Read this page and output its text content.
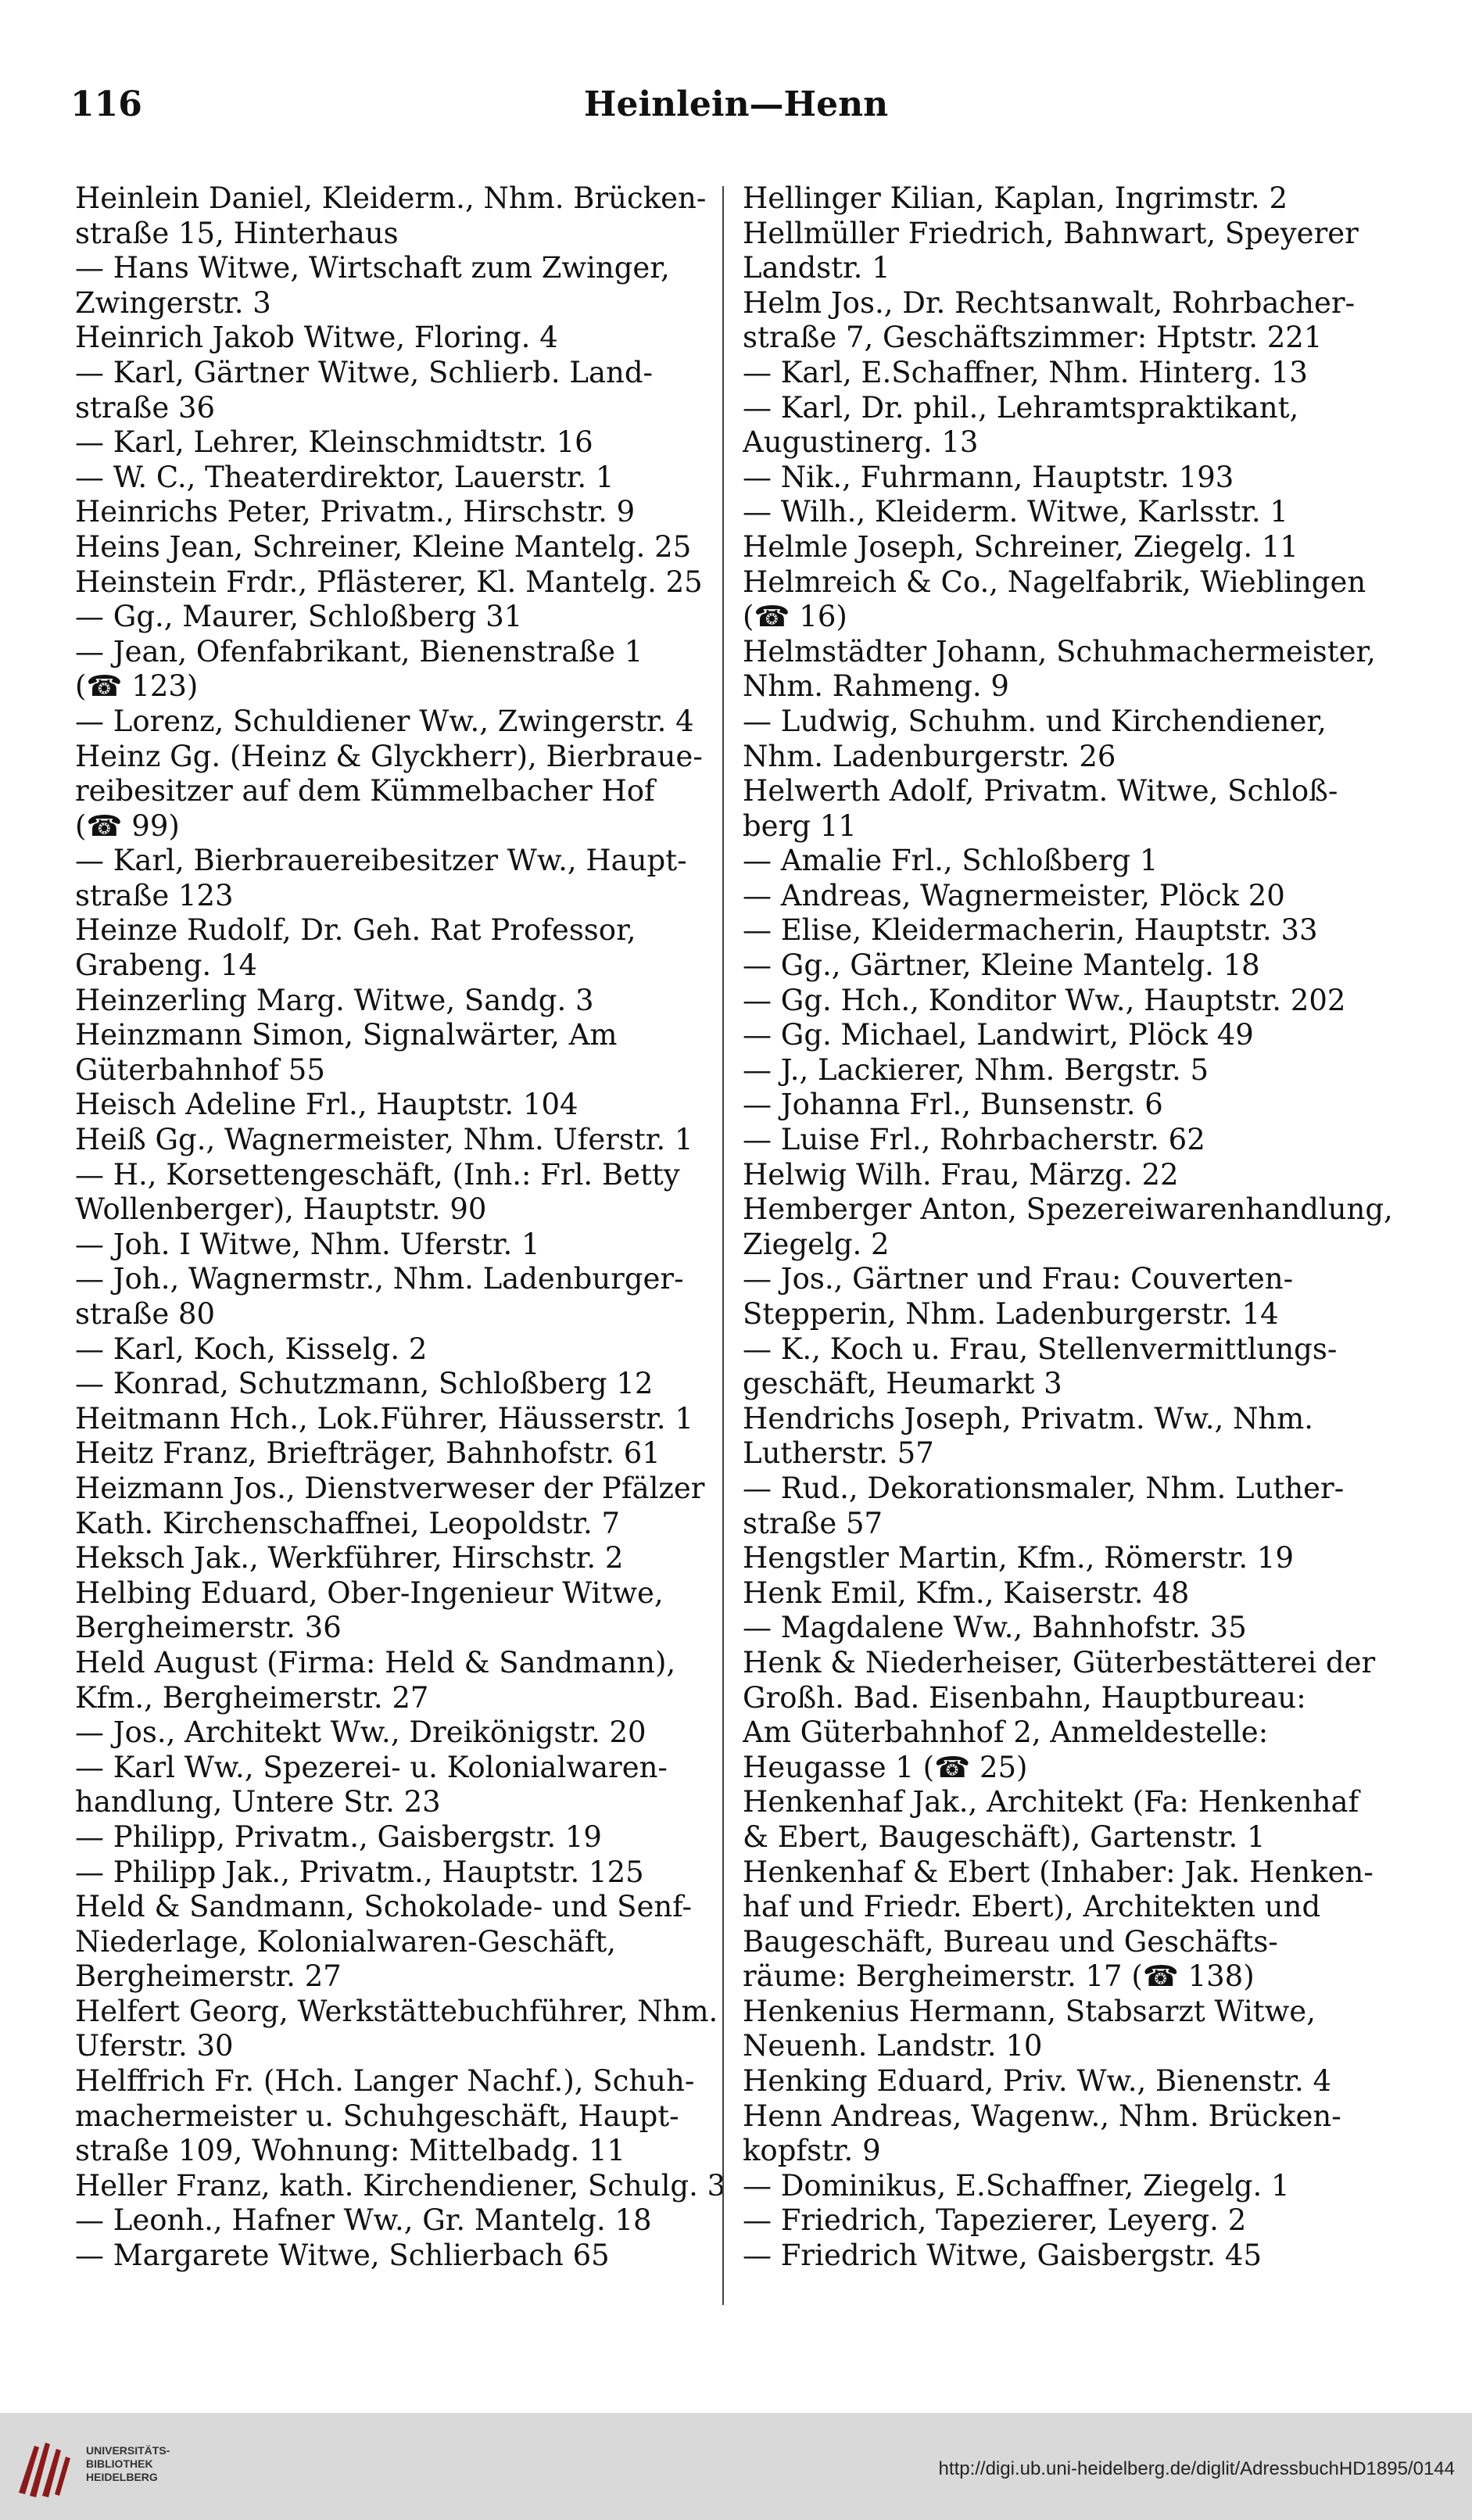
Heinlein—Henn
116
Heinlein Daniel, Kleiderm., Nhm. Brücken-
straße 15, Hinterhaus
— Hans Witwe, Wirtschaft zum Zwinger,
Zwingerstr. 3
Heinrich Jakob Witwe, Floring. 4
— Karl, Gärtner Witwe, Schlierb. Land-
straße 36
— Karl, Lehrer, Kleinschmidtstr. 16
— W. C., Theaterdirektor, Lauerstr. 1
Heinrichs Peter, Privatm., Hirschstr. 9
Heins Jean, Schreiner, Kleine Mantelg. 25
Heinstein Frdr., Pflästerer, Kl. Mantelg. 25
— Gg., Maurer, Schloßberg 31
— Jean, Ofenfabrikant, Bienenstraße 1
(☎ 123)
— Lorenz, Schuldiener Ww., Zwingerstr. 4
Heinz Gg. (Heinz & Glyckherr), Bierbraue-
reibesitzer auf dem Kümmelbacher Hof
(☎ 99)
— Karl, Bierbrauereibesitzer Ww., Haupt-
straße 123
Heinze Rudolf, Dr. Geh. Rat Professor,
Grabeng. 14
Heinzerling Marg. Witwe, Sandg. 3
Heinzmann Simon, Signalwärter, Am
Güterbahnhof 55
Heisch Adeline Frl., Hauptstr. 104
Heiß Gg., Wagnermeister, Nhm. Uferstr. 1
— H., Korsettengeschäft, (Inh.: Frl. Betty
Wollenberger), Hauptstr. 90
— Joh. I Witwe, Nhm. Uferstr. 1
— Joh., Wagnermstr., Nhm. Ladenburger-
straße 80
— Karl, Koch, Kisselg. 2
— Konrad, Schutzmann, Schloßberg 12
Heitmann Hch., Lok.Führer, Häusserstr. 1
Heitz Franz, Briefträger, Bahnhofstr. 61
Heizmann Jos., Dienstverweser der Pfälzer
Kath. Kirchenschaffnei, Leopoldstr. 7
Heksch Jak., Werkführer, Hirschstr. 2
Helbing Eduard, Ober-Ingenieur Witwe,
Bergheimerstr. 36
Held August (Firma: Held & Sandmann),
Kfm., Bergheimerstr. 27
— Jos., Architekt Ww., Dreikönigstr. 20
— Karl Ww., Spezerei- u. Kolonialwaren-
handlung, Untere Str. 23
— Philipp, Privatm., Gaisbergstr. 19
— Philipp Jak., Privatm., Hauptstr. 125
Held & Sandmann, Schokolade- und Senf-
Niederlage, Kolonialwaren-Geschäft,
Bergheimerstr. 27
Helfert Georg, Werkstättebuchführer, Nhm.
Uferstr. 30
Helffrich Fr. (Hch. Langer Nachf.), Schuh-
machermeister u. Schuhgeschäft, Haupt-
straße 109, Wohnung: Mittelbadg. 11
Heller Franz, kath. Kirchendiener, Schulg. 3
— Leonh., Hafner Ww., Gr. Mantelg. 18
— Margarete Witwe, Schlierbach 65
Hellinger Kilian, Kaplan, Ingrimstr. 2
Hellmüller Friedrich, Bahnwart, Speyerer
Landstr. 1
Helm Jos., Dr. Rechtsanwalt, Rohrbacher-
straße 7, Geschäftszimmer: Hptstr. 221
— Karl, E.Schaffner, Nhm. Hinterg. 13
— Karl, Dr. phil., Lehramtspraktikant,
Augustinerg. 13
— Nik., Fuhrmann, Hauptstr. 193
— Wilh., Kleiderm. Witwe, Karlsstr. 1
Helmle Joseph, Schreiner, Ziegelg. 11
Helmreich & Co., Nagelfabrik, Wieblingen
(☎ 16)
Helmstädter Johann, Schuhmachermeister,
Nhm. Rahmeng. 9
— Ludwig, Schuhm. und Kirchendiener,
Nhm. Ladenburgerstr. 26
Helwerth Adolf, Privatm. Witwe, Schloß-
berg 11
— Amalie Frl., Schloßberg 1
— Andreas, Wagnermeister, Plöck 20
— Elise, Kleidermacherin, Hauptstr. 33
— Gg., Gärtner, Kleine Mantelg. 18
— Gg. Hch., Konditor Ww., Hauptstr. 202
— Gg. Michael, Landwirt, Plöck 49
— J., Lackierer, Nhm. Bergstr. 5
— Johanna Frl., Bunsenstr. 6
— Luise Frl., Rohrbacherstr. 62
Helwig Wilh. Frau, Märzg. 22
Hemberger Anton, Spezereiwarenhandlung,
Ziegelg. 2
— Jos., Gärtner und Frau: Couverten-
Stepperin, Nhm. Ladenburgerstr. 14
— K., Koch u. Frau, Stellenvermittlungs-
geschäft, Heumarkt 3
Hendrichs Joseph, Privatm. Ww., Nhm.
Lutherstr. 57
— Rud., Dekorationsmaler, Nhm. Luther-
straße 57
Hengstler Martin, Kfm., Römerstr. 19
Henk Emil, Kfm., Kaiserstr. 48
— Magdalene Ww., Bahnhofstr. 35
Henk & Niederheiser, Güterbestätterei der
Großh. Bad. Eisenbahn, Hauptbureau:
Am Güterbahnhof 2, Anmeldestelle:
Heugasse 1 (☎ 25)
Henkenhaf Jak., Architekt (Fa: Henkenhaf
& Ebert, Baugeschäft), Gartenstr. 1
Henkenhaf & Ebert (Inhaber: Jak. Henken-
haf und Friedr. Ebert), Architekten und
Baugeschäft, Bureau und Geschäfts-
räume: Bergheimerstr. 17 (☎ 138)
Henkenius Hermann, Stabsarzt Witwe,
Neuenh. Landstr. 10
Henking Eduard, Priv. Ww., Bienenstr. 4
Henn Andreas, Wagenw., Nhm. Brücken-
kopfstr. 9
— Dominikus, E.Schaffner, Ziegelg. 1
— Friedrich, Tapezierer, Leyerg. 2
— Friedrich Witwe, Gaisbergstr. 45
UNIVERSITÄTS-
BIBLIOTHEK
HEIDELBERG	http://digi.ub.uni-heidelberg.de/diglit/AdressbuchHD1895/0144
